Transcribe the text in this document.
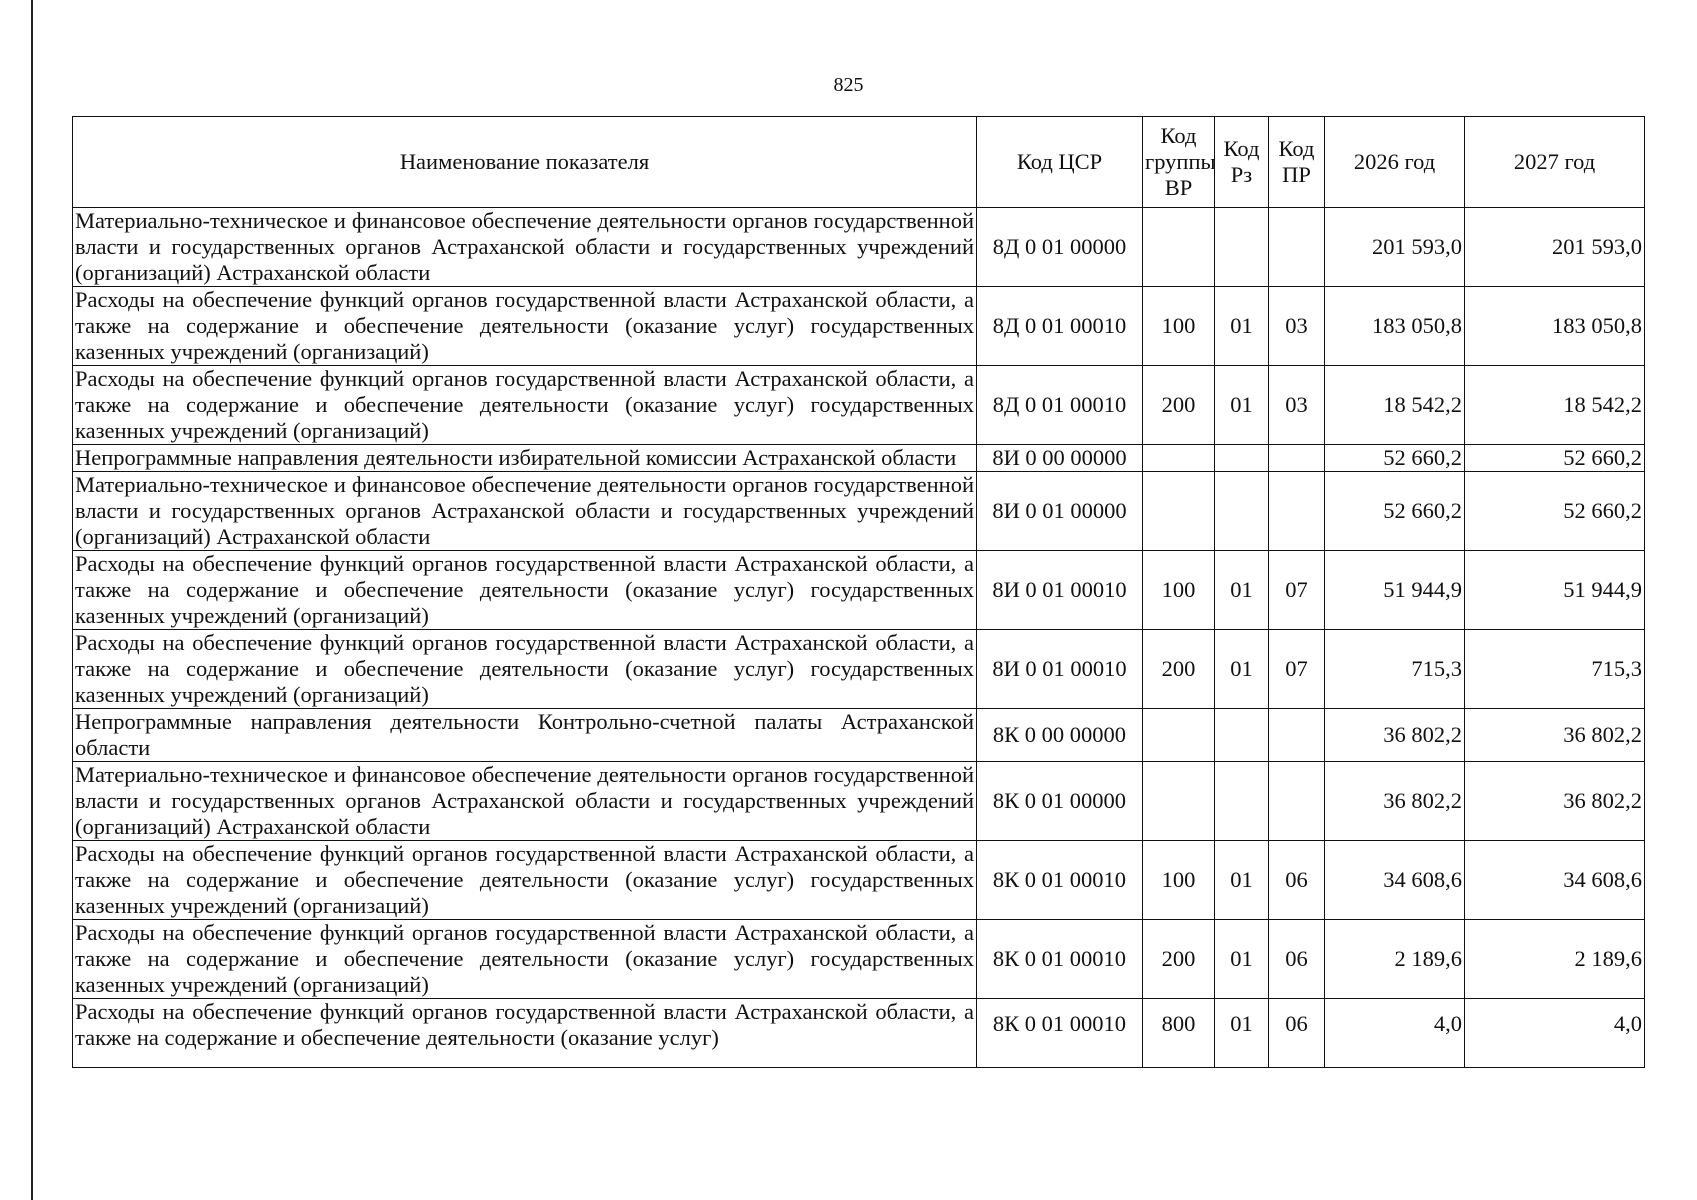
825
Наименование показателя	Код ЦСР	Код группы ВР	Код Рз	Код ПР	2026 год	2027 год
Материально-техническое и финансовое обеспечение деятельности органов государственной власти и государственных органов Астраханской области и государственных учреждений (организаций) Астраханской области	8Д 0 01 00000				201 593,0	201 593,0
Расходы на обеспечение функций органов государственной власти Астраханской области, а также на содержание и обеспечение деятельности (оказание услуг) государственных казенных учреждений (организаций)	8Д 0 01 00010	100	01	03	183 050,8	183 050,8
Расходы на обеспечение функций органов государственной власти Астраханской области, а также на содержание и обеспечение деятельности (оказание услуг) государственных казенных учреждений (организаций)	8Д 0 01 00010	200	01	03	18 542,2	18 542,2
Непрограммные направления деятельности избирательной комиссии Астраханской области	8И 0 00 00000				52 660,2	52 660,2
Материально-техническое и финансовое обеспечение деятельности органов государственной власти и государственных органов Астраханской области и государственных учреждений (организаций) Астраханской области	8И 0 01 00000				52 660,2	52 660,2
Расходы на обеспечение функций органов государственной власти Астраханской области, а также на содержание и обеспечение деятельности (оказание услуг) государственных казенных учреждений (организаций)	8И 0 01 00010	100	01	07	51 944,9	51 944,9
Расходы на обеспечение функций органов государственной власти Астраханской области, а также на содержание и обеспечение деятельности (оказание услуг) государственных казенных учреждений (организаций)	8И 0 01 00010	200	01	07	715,3	715,3
Непрограммные направления деятельности Контрольно-счетной палаты Астраханской области	8К 0 00 00000				36 802,2	36 802,2
Материально-техническое и финансовое обеспечение деятельности органов государственной власти и государственных органов Астраханской области и государственных учреждений (организаций) Астраханской области	8К 0 01 00000				36 802,2	36 802,2
Расходы на обеспечение функций органов государственной власти Астраханской области, а также на содержание и обеспечение деятельности (оказание услуг) государственных казенных учреждений (организаций)	8К 0 01 00010	100	01	06	34 608,6	34 608,6
Расходы на обеспечение функций органов государственной власти Астраханской области, а также на содержание и обеспечение деятельности (оказание услуг) государственных казенных учреждений (организаций)	8К 0 01 00010	200	01	06	2 189,6	2 189,6
Расходы на обеспечение функций органов государственной власти Астраханской области, а также на содержание и обеспечение деятельности (оказание услуг)	8К 0 01 00010	800	01	06	4,0	4,0
